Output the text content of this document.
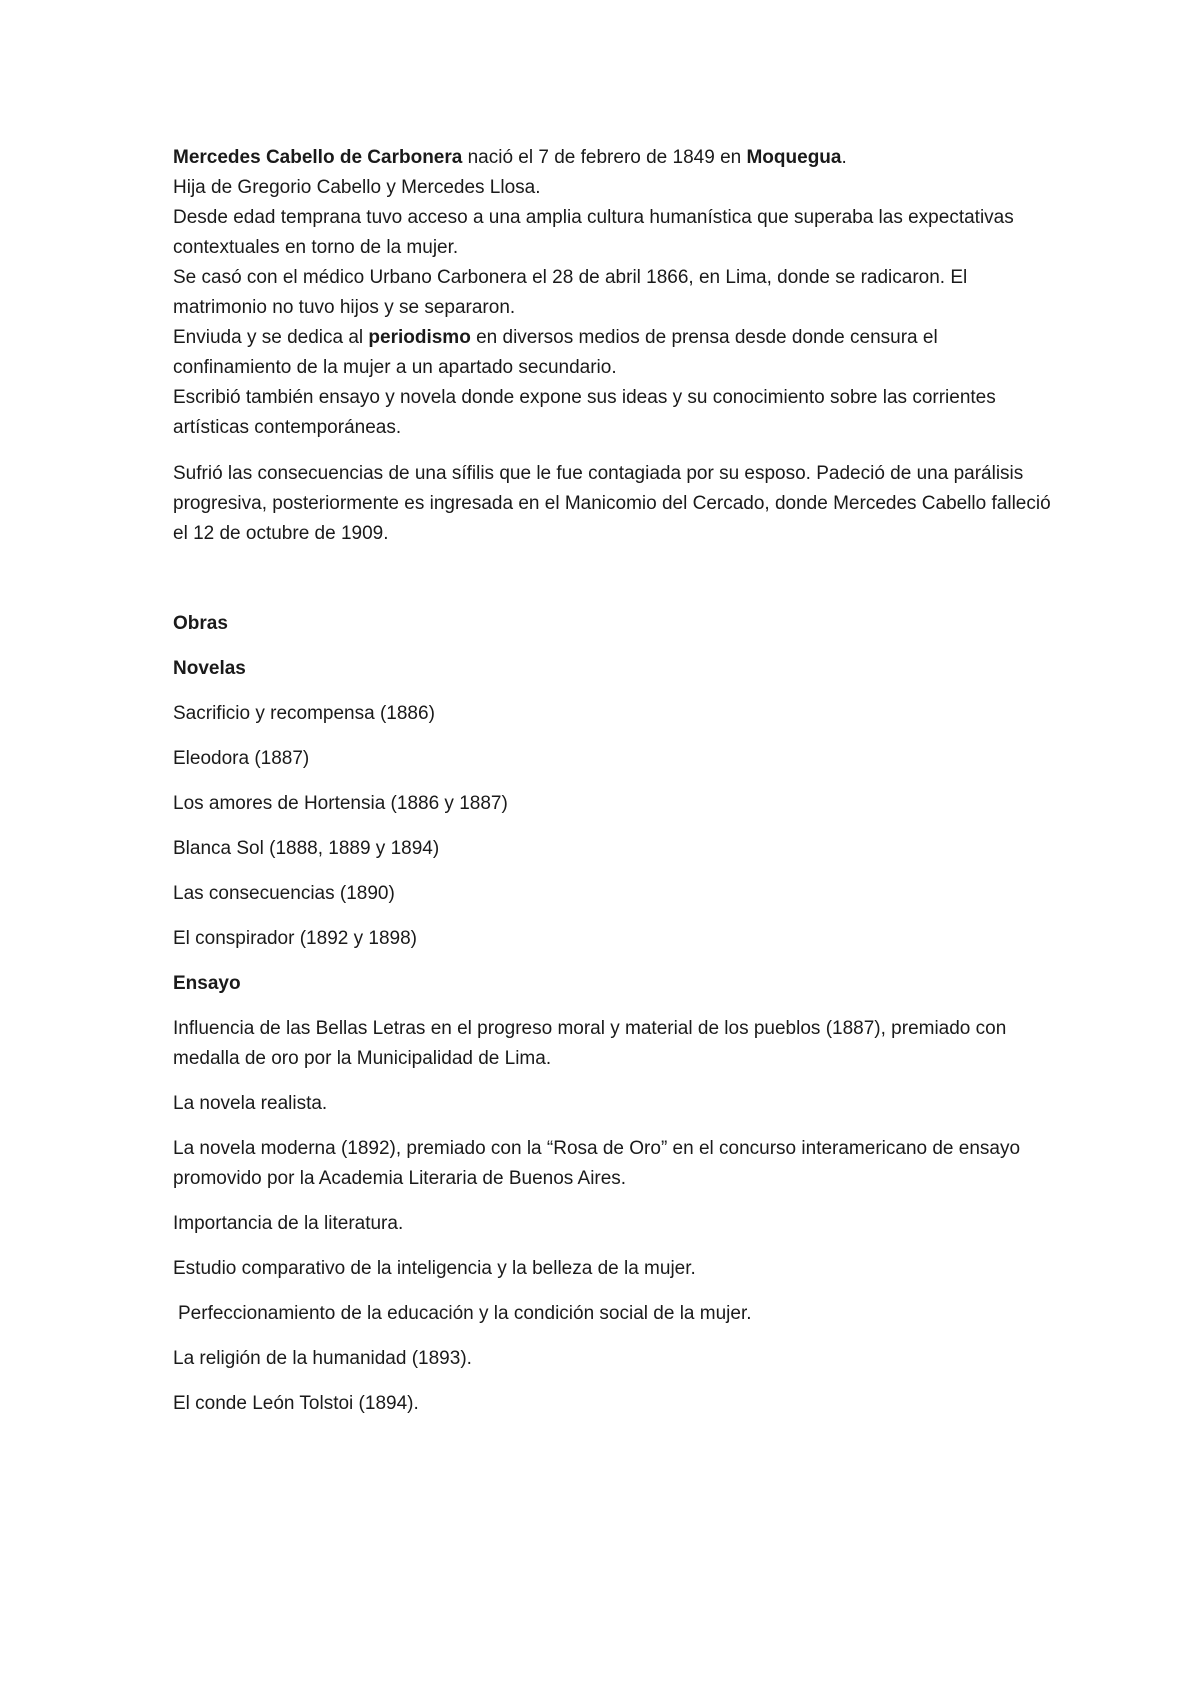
Mercedes Cabello de Carbonera nació el 7 de febrero de 1849 en Moquegua.

Hija de Gregorio Cabello y Mercedes Llosa.

Desde edad temprana tuvo acceso a una amplia cultura humanística que superaba las expectativas contextuales en torno de la mujer.

Se casó con el médico Urbano Carbonera el 28 de abril 1866, en Lima, donde se radicaron. El matrimonio no tuvo hijos y se separaron.

Enviuda y se dedica al periodismo en diversos medios de prensa desde donde censura el confinamiento de la mujer a un apartado secundario.

Escribió también ensayo y novela donde expone sus ideas y su conocimiento sobre las corrientes artísticas contemporáneas.

Sufrió las consecuencias de una sífilis que le fue contagiada por su esposo. Padeció de una parálisis progresiva, posteriormente es ingresada en el Manicomio del Cercado, donde Mercedes Cabello falleció el 12 de octubre de 1909.

Obras

Novelas

Sacrificio y recompensa (1886)

Eleodora (1887)

Los amores de Hortensia (1886 y 1887)

Blanca Sol (1888, 1889 y 1894)

Las consecuencias (1890)

El conspirador (1892 y 1898)

Ensayo

Influencia de las Bellas Letras en el progreso moral y material de los pueblos (1887), premiado con medalla de oro por la Municipalidad de Lima.

La novela realista.

La novela moderna (1892), premiado con la “Rosa de Oro” en el concurso interamericano de ensayo promovido por la Academia Literaria de Buenos Aires.

Importancia de la literatura.

Estudio comparativo de la inteligencia y la belleza de la mujer.

Perfeccionamiento de la educación y la condición social de la mujer.

La religión de la humanidad (1893).

El conde León Tolstoi (1894).
